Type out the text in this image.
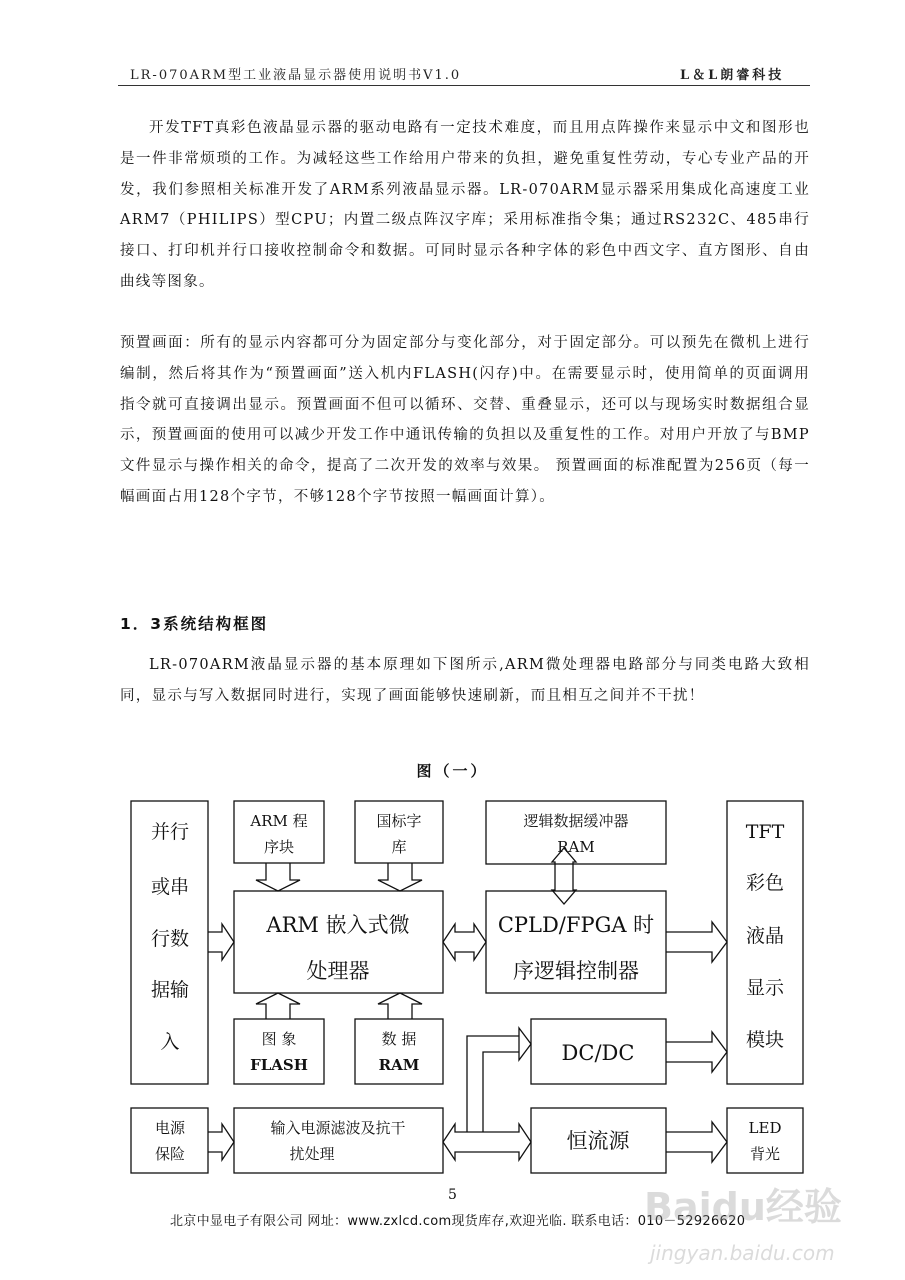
LR-070ARM型工业液晶显示器使用说明书V1.0	L＆L朗睿科技

开发TFT真彩色液晶显示器的驱动电路有一定技术难度，而且用点阵操作来显示中文和图形也是一件非常烦琐的工作。为减轻这些工作给用户带来的负担，避免重复性劳动，专心专业产品的开发，我们参照相关标准开发了ARM系列液晶显示器。LR-070ARM显示器采用集成化高速度工业ARM7（PHILIPS）型CPU；内置二级点阵汉字库；采用标准指令集；通过RS232C、485串行接口、打印机并行口接收控制命令和数据。可同时显示各种字体的彩色中西文字、直方图形、自由曲线等图象。

预置画面：所有的显示内容都可分为固定部分与变化部分，对于固定部分。可以预先在微机上进行编制，然后将其作为“预置画面”送入机内FLASH(闪存)中。在需要显示时，使用简单的页面调用指令就可直接调出显示。预置画面不但可以循环、交替、重叠显示，还可以与现场实时数据组合显示，预置画面的使用可以减少开发工作中通讯传输的负担以及重复性的工作。对用户开放了与BMP文件显示与操作相关的命令，提高了二次开发的效率与效果。 预置画面的标准配置为256页（每一幅画面占用128个字节，不够128个字节按照一幅画面计算）。

1．3系统结构框图

LR-070ARM液晶显示器的基本原理如下图所示,ARM微处理器电路部分与同类电路大致相同，显示与写入数据同时进行，实现了画面能够快速刷新，而且相互之间并不干扰！

图（一）
并行
或串
行数
据输
入
TFT
彩色
液晶
显示
模块
ARM 程
序块
国标字
库
逻辑数据缓冲器
RAM
图 象
FLASH
数 据
RAM
电源
保险
输入电源滤波及抗干
扰处理
LED
背光
ARM 嵌入式微
处理器
CPLD/FPGA 时
序逻辑控制器
DC/DC
恒流源
5
北京中显电子有限公司 网址：www.zxlcd.com现货库存,欢迎光临. 联系电话：010－52926620
Baidu经验
jingyan.baidu.com
